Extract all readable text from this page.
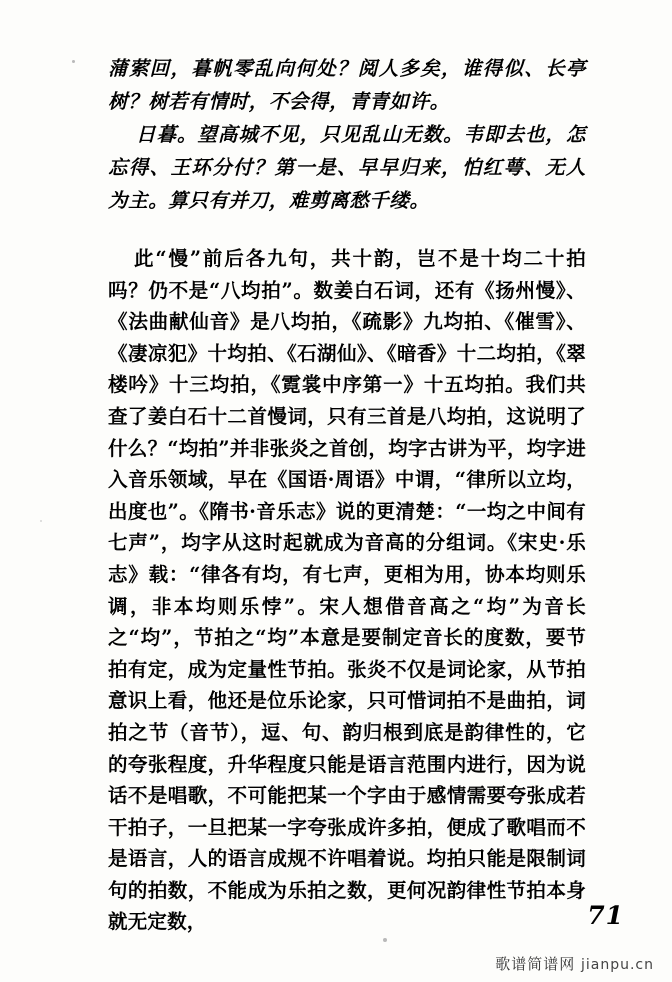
蒲萦回，暮帆零乱向何处？阅人多矣，谁得似、长亭树？树若有情时，不会得，青青如许。

日暮。望高城不见，只见乱山无数。韦即去也，怎忘得、王环分付？第一是、早早归来，怕红萼、无人为主。算只有并刀，难剪离愁千缕。

此“慢”前后各九句，共十韵，岂不是十均二十拍吗？仍不是“八均拍”。数姜白石词，还有《扬州慢》、《法曲献仙音》是八均拍，《疏影》九均拍、《催雪》、《凄凉犯》十均拍、《石湖仙》、《暗香》十二均拍，《翠楼吟》十三均拍，《霓裳中序第一》十五均拍。我们共查了姜白石十二首慢词，只有三首是八均拍，这说明了什么？“均拍”并非张炎之首创，均字古讲为平，均字进入音乐领域，早在《国语·周语》中谓，“律所以立均，出度也”。《隋书·音乐志》说的更清楚：“一均之中间有七声”，均字从这时起就成为音高的分组词。《宋史·乐志》载：“律各有均，有七声，更相为用，协本均则乐调，非本均则乐悖”。宋人想借音高之“均”为音长之“均”，节拍之“均”本意是要制定音长的度数，要节拍有定，成为定量性节拍。张炎不仅是词论家，从节拍意识上看，他还是位乐论家，只可惜词拍不是曲拍，词拍之节（音节），逗、句、韵归根到底是韵律性的，它的夸张程度，升华程度只能是语言范围内进行，因为说话不是唱歌，不可能把某一个字由于感情需要夸张成若干拍子，一旦把某一字夸张成许多拍，便成了歌唱而不是语言，人的语言成规不许唱着说。均拍只能是限制词句的拍数，不能成为乐拍之数，更何况韵律性节拍本身就无定数，	71
歌谱简谱网 jianpu.cn
